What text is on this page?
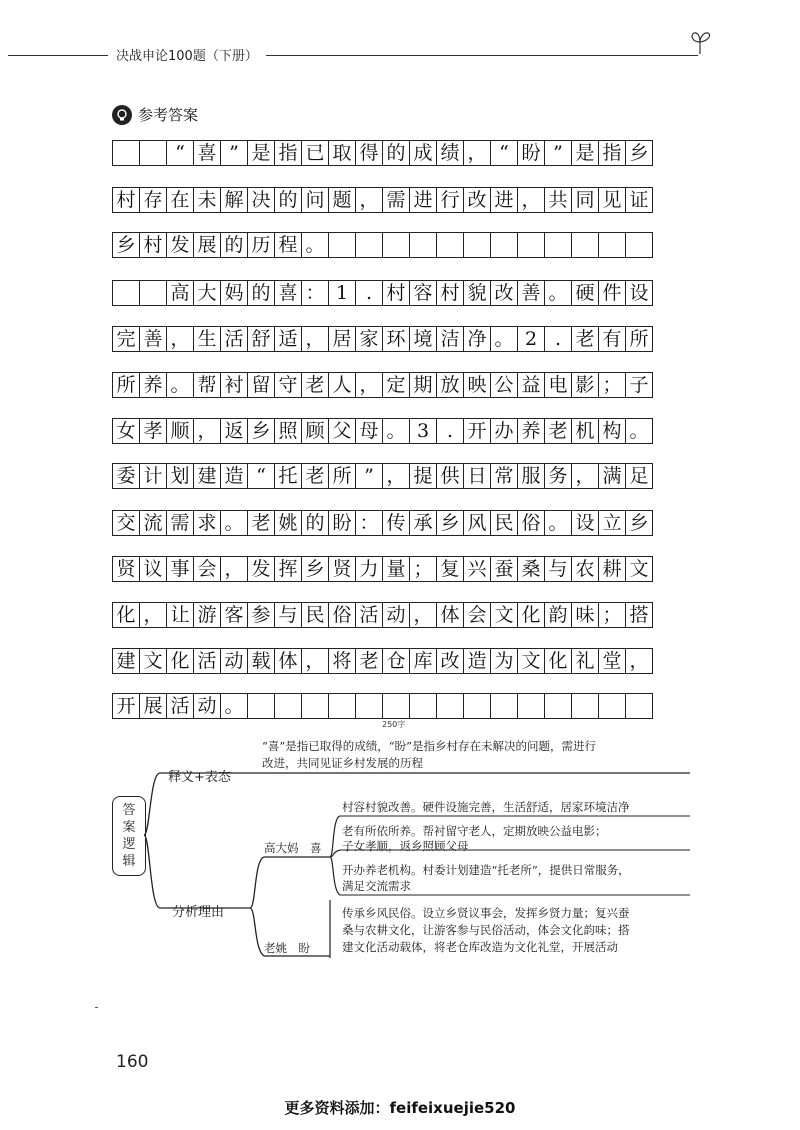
决战申论100题（下册）
参考答案
“ 喜 ” 是 指 已 取 得 的 成 绩 ， “ 盼 ” 是 指 乡
村 存 在 未 解 决 的 问 题 ， 需 进 行 改 进 ， 共 同 见 证
乡 村 发 展 的 历 程 。
高 大 妈 的 喜 ： 1 . 村 容 村 貌 改 善 。 硬 件 设
完 善 ， 生 活 舒 适 ， 居 家 环 境 洁 净 。 2 . 老 有 所
所 养 。 帮 衬 留 守 老 人 ， 定 期 放 映 公 益 电 影 ； 子
女 孝 顺 ， 返 乡 照 顾 父 母 。 3 . 开 办 养 老 机 构 。
委 计 划 建 造 “ 托 老 所 ” ， 提 供 日 常 服 务 ， 满 足
交 流 需 求 。 老 姚 的 盼 ： 传 承 乡 风 民 俗 。 设 立 乡
贤 议 事 会 ， 发 挥 乡 贤 力 量 ； 复 兴 蚕 桑 与 农 耕 文
化 ， 让 游 客 参 与 民 俗 活 动 ， 体 会 文 化 韵 味 ； 搭
建 文 化 活 动 载 体 ， 将 老 仓 库 改 造 为 文 化 礼 堂 ，
开 展 活 动 。
250字
答
案
逻
辑
“喜”是指已取得的成绩，“盼”是指乡村存在未解决的问题，需进行
改进，共同见证乡村发展的历程
释义+表态
分析理由
高大妈　喜
老姚　盼
村容村貌改善。硬件设施完善，生活舒适，居家环境洁净
老有所依所养。帮衬留守老人，定期放映公益电影；
子女孝顺，返乡照顾父母
开办养老机构。村委计划建造“托老所”，提供日常服务，
满足交流需求
传承乡风民俗。设立乡贤议事会，发挥乡贤力量；复兴蚕
桑与农耕文化，让游客参与民俗活动，体会文化韵味；搭
建文化活动载体，将老仓库改造为文化礼堂，开展活动
160
更多资料添加：feifeixuejie520
